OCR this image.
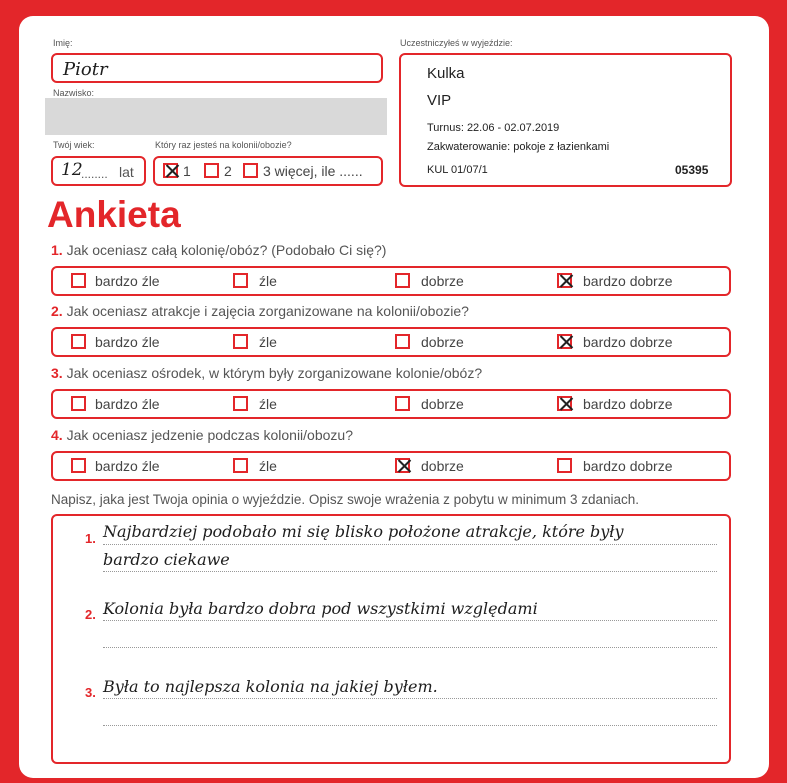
Imię:
Piotr
Nazwisko:
Twój wiek:
12
........ lat
Który raz jesteś na kolonii/obozie?
1 2 3 więcej, ile ......
Uczestniczyłeś w wyjeździe:
Kulka
VIP
Turnus: 22.06 - 02.07.2019
Zakwaterowanie: pokoje z łazienkami
KUL 01/07/1	05395
Ankieta
1. Jak oceniasz całą kolonię/obóz? (Podobało Ci się?)
bardzo źle	źle	dobrze	bardzo dobrze
2. Jak oceniasz atrakcje i zajęcia zorganizowane na kolonii/obozie?
bardzo źle	źle	dobrze	bardzo dobrze
3. Jak oceniasz ośrodek, w którym były zorganizowane kolonie/obóz?
bardzo źle	źle	dobrze	bardzo dobrze
4. Jak oceniasz jedzenie podczas kolonii/obozu?
bardzo źle	źle	dobrze	bardzo dobrze
Napisz, jaka jest Twoja opinia o wyjeździe. Opisz swoje wrażenia z pobytu w minimum 3 zdaniach.
1. Najbardziej podobało mi się blisko położone atrakcje, które były
bardzo ciekawe
2. Kolonia była bardzo dobra pod wszystkimi względami
3. Była to najlepsza kolonia na jakiej byłem.
